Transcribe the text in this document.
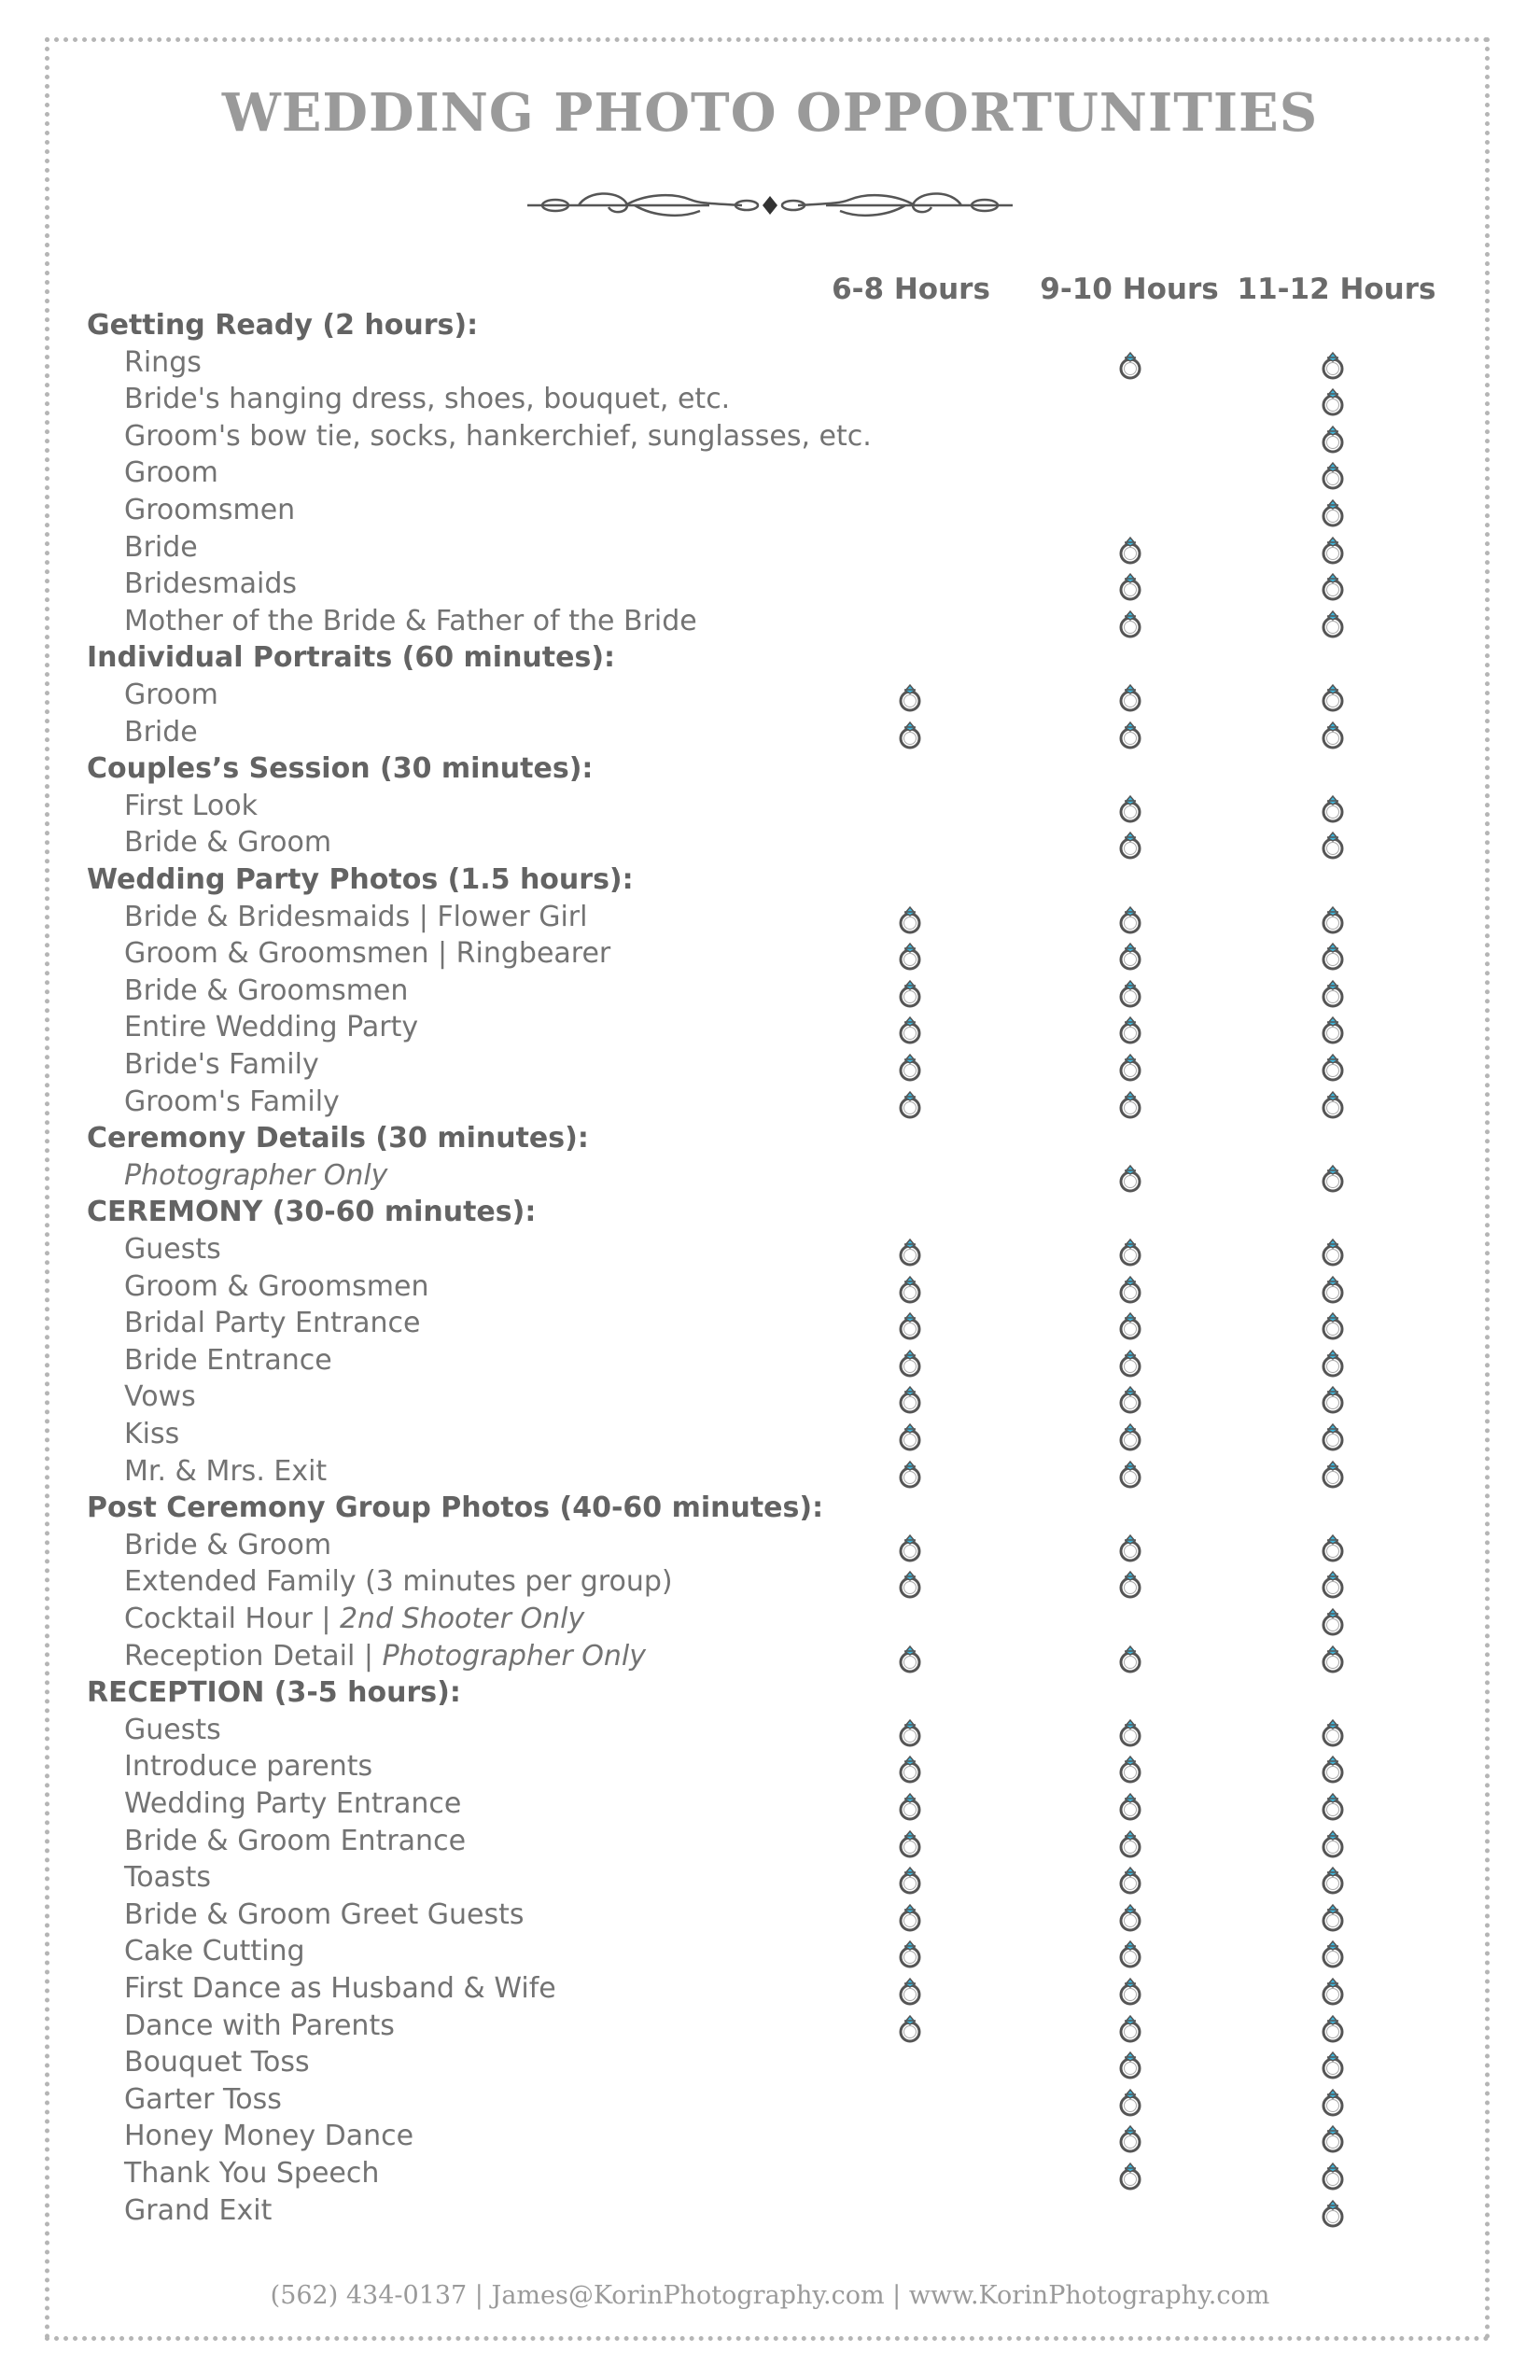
WEDDING PHOTO OPPORTUNITIES
6-8 Hours	9-10 Hours 11-12 Hours
Getting Ready (2 hours):
Rings
Bride's hanging dress, shoes, bouquet, etc.
Groom's bow tie, socks, hankerchief, sunglasses, etc.
Groom
Groomsmen
Bride
Bridesmaids
Mother of the Bride & Father of the Bride
Individual Portraits (60 minutes):
Groom
Bride
Couples’s Session (30 minutes):
First Look
Bride & Groom
Wedding Party Photos (1.5 hours):
Bride & Bridesmaids | Flower Girl
Groom & Groomsmen | Ringbearer
Bride & Groomsmen
Entire Wedding Party
Bride's Family
Groom's Family
Ceremony Details (30 minutes):
Photographer Only
CEREMONY (30-60 minutes):
Guests
Groom & Groomsmen
Bridal Party Entrance
Bride Entrance
Vows
Kiss
Mr. & Mrs. Exit
Post Ceremony Group Photos (40-60 minutes):
Bride & Groom
Extended Family (3 minutes per group)
Cocktail Hour | 2nd Shooter Only
Reception Detail | Photographer Only
RECEPTION (3-5 hours):
Guests
Introduce parents
Wedding Party Entrance
Bride & Groom Entrance
Toasts
Bride & Groom Greet Guests
Cake Cutting
First Dance as Husband & Wife
Dance with Parents
Bouquet Toss
Garter Toss
Honey Money Dance
Thank You Speech
Grand Exit
(562) 434-0137 | James@KorinPhotography.com | www.KorinPhotography.com
